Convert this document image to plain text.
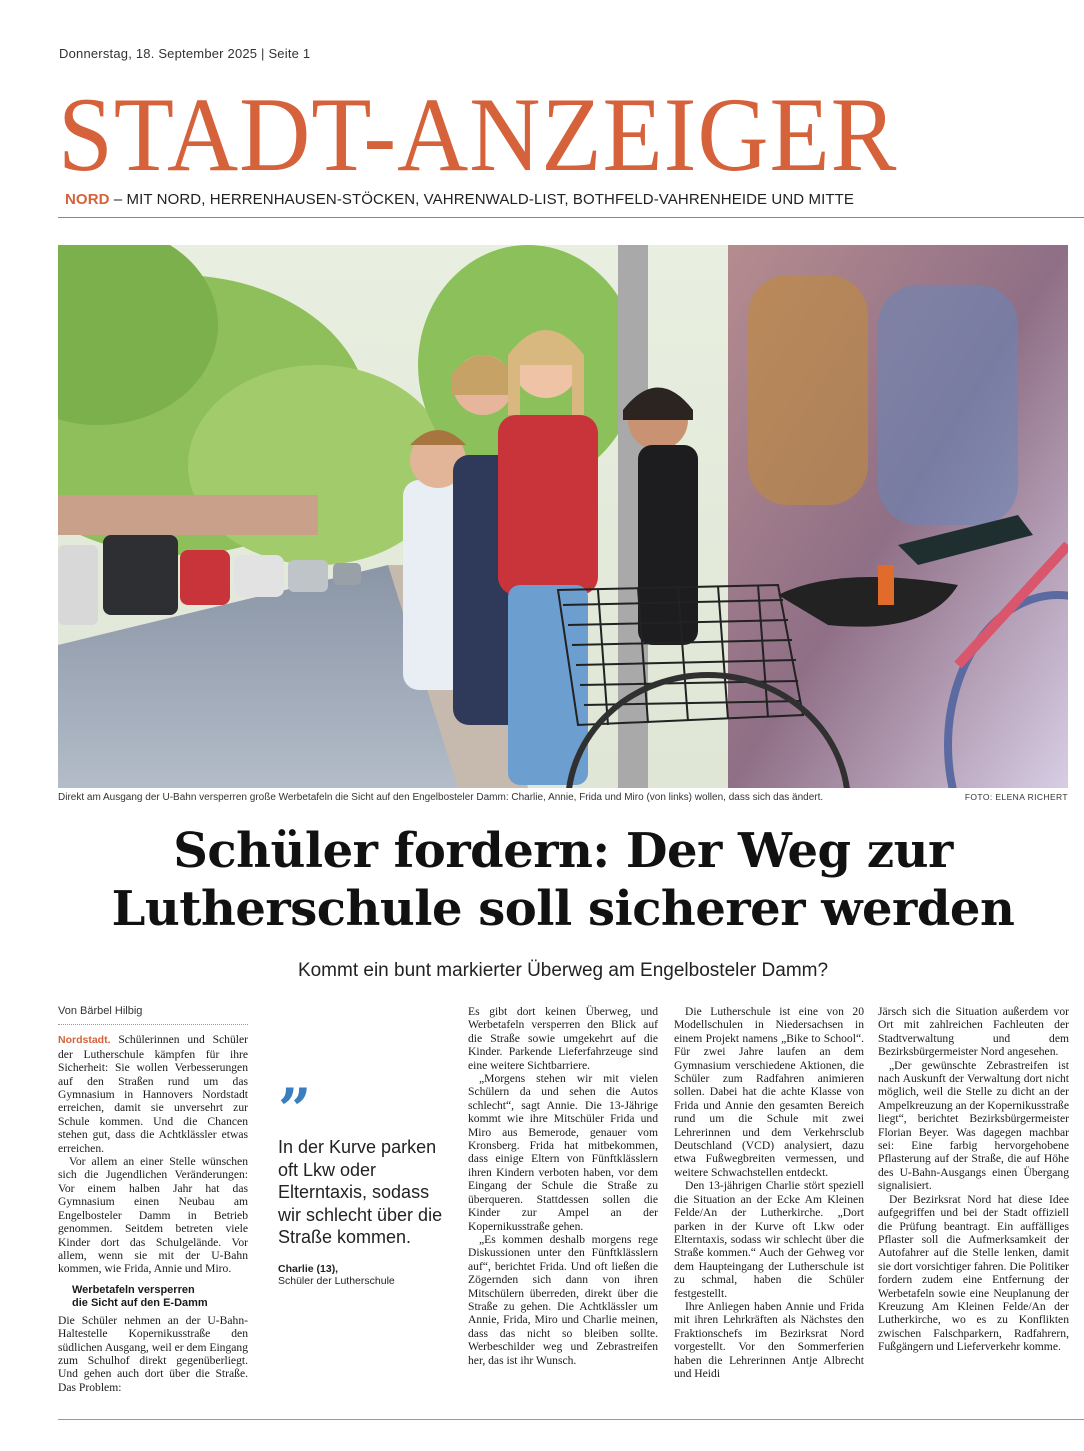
Donnerstag, 18. September 2025 | Seite 1
STADT-ANZEIGER
NORD – MIT NORD, HERRENHAUSEN-STÖCKEN, VAHRENWALD-LIST, BOTHFELD-VAHRENHEIDE UND MITTE
Direkt am Ausgang der U-Bahn versperren große Werbetafeln die Sicht auf den Engelbosteler Damm: Charlie, Annie, Frida und Miro (von links) wollen, dass sich das ändert.	FOTO: ELENA RICHERT
Schüler fordern: Der Weg zur
Lutherschule soll sicherer werden
Kommt ein bunt markierter Überweg am Engelbosteler Damm?
Von Bärbel Hilbig

Nordstadt. Schülerinnen und Schüler der Lutherschule kämpfen für ihre Sicherheit: Sie wollen Verbesserungen auf den Straßen rund um das Gymnasium in Hannovers Nordstadt erreichen, damit sie unversehrt zur Schule kommen. Und die Chancen stehen gut, dass die Achtklässler etwas erreichen.

Vor allem an einer Stelle wünschen sich die Jugendlichen Veränderungen: Vor einem halben Jahr hat das Gymnasium einen Neubau am Engelbosteler Damm in Betrieb genommen. Seitdem betreten viele Kinder dort das Schulgelände. Vor allem, wenn sie mit der U-Bahn kommen, wie Frida, Annie und Miro.

Werbetafeln versperren
die Sicht auf den E-Damm

Die Schüler nehmen an der U-Bahn-Haltestelle Kopernikusstraße den südlichen Ausgang, weil er dem Eingang zum Schulhof direkt gegenüberliegt. Und gehen auch dort über die Straße. Das Problem:

”
In der Kurve parken oft Lkw oder Elterntaxis, sodass wir schlecht über die Straße kommen.
Charlie (13),
Schüler der Lutherschule

Es gibt dort keinen Überweg, und Werbetafeln versperren den Blick auf die Straße sowie umgekehrt auf die Kinder. Parkende Lieferfahrzeuge sind eine weitere Sichtbarriere.

„Morgens stehen wir mit vielen Schülern da und sehen die Autos schlecht“, sagt Annie. Die 13-Jährige kommt wie ihre Mitschüler Frida und Miro aus Bemerode, genauer vom Kronsberg. Frida hat mitbekommen, dass einige Eltern von Fünftklässlern ihren Kindern verboten haben, vor dem Eingang der Schule die Straße zu überqueren. Stattdessen sollen die Kinder zur Ampel an der Kopernikusstraße gehen.

„Es kommen deshalb morgens rege Diskussionen unter den Fünftklässlern auf“, berichtet Frida. Und oft ließen die Zögernden sich dann von ihren Mitschülern überreden, direkt über die Straße zu gehen. Die Achtklässler um Annie, Frida, Miro und Charlie meinen, dass das nicht so bleiben sollte. Werbeschilder weg und Zebrastreifen her, das ist ihr Wunsch.

Die Lutherschule ist eine von 20 Modellschulen in Niedersachsen in einem Projekt namens „Bike to School“. Für zwei Jahre laufen an dem Gymnasium verschiedene Aktionen, die Schüler zum Radfahren animieren sollen. Dabei hat die achte Klasse von Frida und Annie den gesamten Bereich rund um die Schule mit zwei Lehrerinnen und dem Verkehrsclub Deutschland (VCD) analysiert, dazu etwa Fußwegbreiten vermessen, und weitere Schwachstellen entdeckt.

Den 13-jährigen Charlie stört speziell die Situation an der Ecke Am Kleinen Felde/An der Lutherkirche. „Dort parken in der Kurve oft Lkw oder Elterntaxis, sodass wir schlecht über die Straße kommen.“ Auch der Gehweg vor dem Haupteingang der Lutherschule ist zu schmal, haben die Schüler festgestellt.

Ihre Anliegen haben Annie und Frida mit ihren Lehrkräften als Nächstes den Fraktionschefs im Bezirksrat Nord vorgestellt. Vor den Sommerferien haben die Lehrerinnen Antje Albrecht und Heidi

Järsch sich die Situation außerdem vor Ort mit zahlreichen Fachleuten der Stadtverwaltung und dem Bezirksbürgermeister Nord angesehen.

„Der gewünschte Zebrastreifen ist nach Auskunft der Verwaltung dort nicht möglich, weil die Stelle zu dicht an der Ampelkreuzung an der Kopernikusstraße liegt“, berichtet Bezirksbürgermeister Florian Beyer. Was dagegen machbar sei: Eine farbig hervorgehobene Pflasterung auf der Straße, die auf Höhe des U-Bahn-Ausgangs einen Übergang signalisiert.

Der Bezirksrat Nord hat diese Idee aufgegriffen und bei der Stadt offiziell die Prüfung beantragt. Ein auffälliges Pflaster soll die Aufmerksamkeit der Autofahrer auf die Stelle lenken, damit sie dort vorsichtiger fahren. Die Politiker fordern zudem eine Entfernung der Werbetafeln sowie eine Neuplanung der Kreuzung Am Kleinen Felde/An der Lutherkirche, wo es zu Konflikten zwischen Falschparkern, Radfahrern, Fußgängern und Lieferverkehr komme.
